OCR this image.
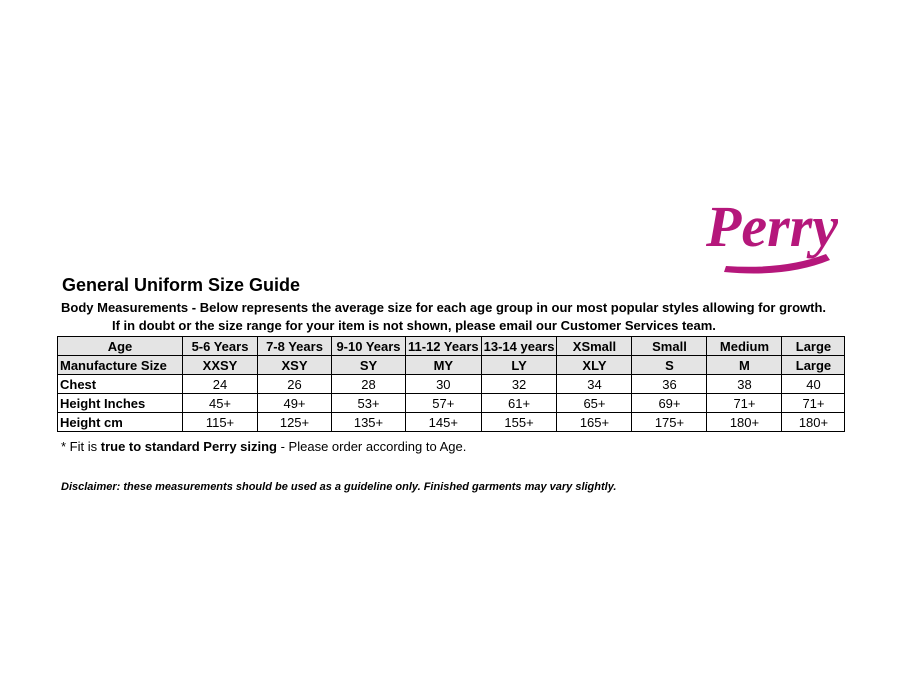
Perry
General Uniform Size Guide
Body Measurements - Below represents the average size for each age group in our most popular styles allowing for growth.
If in doubt or the size range for your item is not shown, please email our Customer Services team.
Age	5-6 Years	7-8 Years	9-10 Years	11-12 Years	13-14 years	XSmall	Small	Medium	Large
Manufacture Size	XXSY	XSY	SY	MY	LY	XLY	S	M	Large
Chest	24	26	28	30	32	34	36	38	40
Height Inches	45+	49+	53+	57+	61+	65+	69+	71+	71+
Height cm	115+	125+	135+	145+	155+	165+	175+	180+	180+
* Fit is true to standard Perry sizing - Please order according to Age.
Disclaimer: these measurements should be used as a guideline only. Finished garments may vary slightly.
